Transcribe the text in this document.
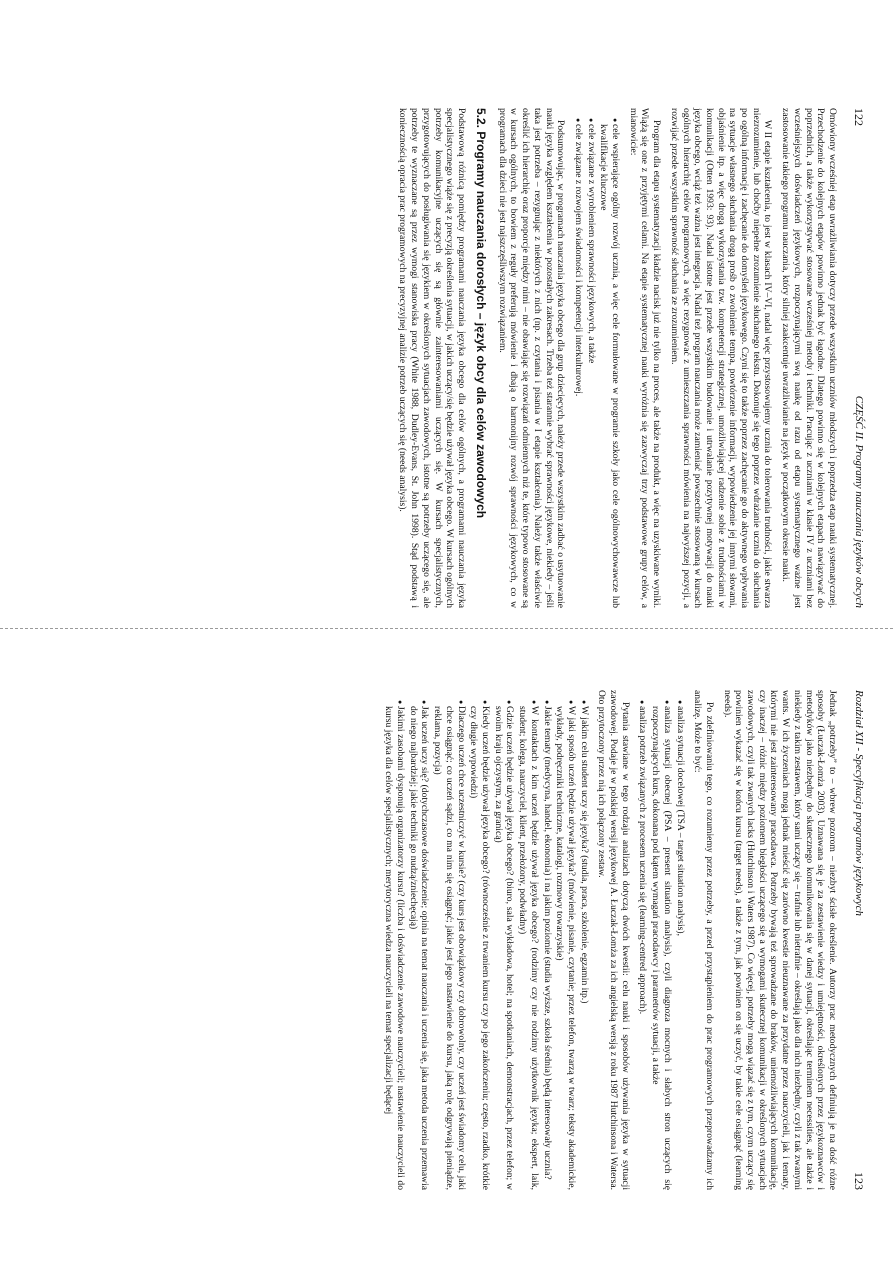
122
CZĘŚĆ II. Programy nauczania języków obcych

Omówiony wcześniej etap uwrażliwiania dotyczy przede wszystkim uczniów młodszych i poprzedza etap nauki systematycznej. Przechodzenie do kolejnych etapów powinno jednak być łagodne. Dlatego powinno się w kolejnych etapach nawiązywać do poprzednich, a także wykorzystywać stosowane wcześniej metody i techniki. Pracując z uczniami w klasie IV z uczniami bez wcześniejszych doświadczeń językowych, rozpoczynającymi swą naukę od razu od etapu systematycznego ważne jest zastosowanie takiego programu nauczania, który silniej zaakcentuje uwrażliwianie na język w początkowym okresie nauki.

W II etapie kształcenia, to jest w klasach IV–VI, nadal więc przystosowujemy ucznia do tolerowania trudności, jakie stwarza niezrozumienie, lub choćby niepełne zrozumienie słuchanego tekstu. Dokonuje się tego poprzez wdrażanie ucznia do słuchania po ogólną informację i zachęcanie do domyśleń językowego. Czyni się to także poprzez zachęcanie go do aktywnego wpływania na sytuacje własnego słuchania drogą prośb o zwolnienie tempa, powtórzenie informacji, wypowiedzenie jej innymi słowami, objaśnienie itp. a więc drogą wykorzystania tzw. kompetencji strategicznej, umożliwiającej radzenie sobie z trudnościami w komunikacji (Otten 1993: 93). Nadal istotne jest przede wszystkim budowanie i utrwalanie pozytywnej motywacji do nauki języka obcego, wciąż też ważna jest integracja. Nadal też program nauczania może zamieniać powszechnie stosowaną w kursach ogólnych hierarchię celów programowych, a więc rezygnować z umieszczania sprawności mówienia na najwyższej pozycji, a rozwijać przede wszystkim sprawność słuchania ze zrozumieniem.

Program dla etapu systematyzacji kładzie nacisk już nie tylko na proces, ale także na produkt, a więc na uzyskiwane wyniki. Wiążą się one z przyjętymi celami. Na etapie systematycznej nauki wyróżnia się zazwyczaj trzy podstawowe grupy celów, a mianowicie:

• cele wspierające ogólny rozwój ucznia, a więc cele formułowane w programie szkoły jako cele ogólnowychowawcze lub kwalifikacje kluczowe
• cele związane z wyrobieniem sprawności językowych, a także
• cele związane z rozwojem świadomości i kompetencji interkulturowej.

Podsumowując, w programach nauczania języka obcego dla grup dziecięcych, należy przede wszystkim zadbać o usytuowanie nauki języka względem kształcenia w pozostałych zakresach. Trzeba też starannie wybrać sprawności językowe, niekiedy – jeśli taka jest potrzeba – rezygnując z niektórych z nich (np. z czytania i pisania w I etapie kształcenia). Należy także właściwie określić ich hierarchię oraz proporcje między nimi – nie obawiając się rozwiązań odmiennych niż te, które typowo stosowane są w kursach ogólnych, to bowiem z reguły preferują mówienie i dbają o harmonijny rozwój sprawności językowych, co w programach dla dzieci nie jest najszczęśliwszym rozwiązaniem.

5.2. Programy nauczania dorosłych – język obcy dla celów zawodowych

Podstawową różnicą pomiędzy programami nauczania języka obcego dla celów ogólnych, a programami nauczania języka specjalistycznego wiąże się z precyzją określenia sytuacji, w jakich uczący/się będzie używał języka obcego. W kursach ogólnych potrzeby komunikacyjne uczących się są głównie zainteresowaniami uczących się. W kursach specjalistycznych, przygotowujących do posługiwania się językiem w określonych sytuacjach zawodowych, istotne są potrzeby uczącego się, ale potrzeby te wyznaczane są przez wymogi stanowiska pracy (White 1988, Dudley-Evans, St. John 1998). Stąd podstawą i koniecznością opracia prac programowych na precyzyjnej analizie potrzeb uczących się (needs analysis).

Rozdział XII - Specyfikacja programów językowych
123

Jednak „potrzeby” to – wbrew pozorom – niezbyt ścisłe określenie. Autorzy prac metodycznych definiują je na dość różne sposoby (Łuczak-Łomża 2003). Uznawana się je za zestawienie wiedzy i umiejętności, określonych przez językoznawców i metodyków jako niezbędny do skutecznego komunikowania się w danej sytuacji, określając terminem necessities, ale także i niekiedy z takim zestawem, który sami uczący się – trafnie lub nietrafnie – określają jako dla nich niezbędny, czyli z tak zwanymi wants. W ich życzeniach mogą jednak mieścić się zarówno kwestie nieuznawane za przydatne przez nauczycieli, jak i tematy, którymi nie jest zainteresowany pracodawca. Potrzeby bywają też sprowadzane do braków, uniemożliwiających komunikację, czy inaczej – różnic między poziomem biegłości uczącego się a wymogami skutecznej komunikacji w określonych sytuacjach zawodowych, czyli tak zwanych lacks (Hutchinson i Waters 1987). Co więcej, potrzeby mogą wiązać się z tym, czym uczący się powinien wykazać się w końcu kursu (target needs), a także z tym, jak powinien on się uczyć, by takie cele osiągnąć (learning needs).

Po zdefiniowaniu tego, co rozumiemy przez potrzeby, a przed przystąpieniem do prac programowych przeprowadzamy ich analizę. Może to być:

• analiza sytuacji docelowej (TSA – target situation analysis),
• analiza sytuacji obecnej (PSA – present situation analysis), czyli diagnoza mocnych i słabych stron uczących się rozpoczynających kurs, dokonana pod kątem wymagań pracodawcy i parametrów sytuacji, a także
• analiza potrzeb związanych z procesem uczenia się (learning-centred approach).

Pytania stawiane w tego rodzaju analizach dotyczą dwóch kwestii: celu nauki i sposobów używania języka w sytuacji zawodowej. Podaje je w polskiej wersji językowej A. Łuczak-Łomża za ich angielską wersją z roku 1987 Hutchinsona i Watersa. Oto przytoczony przez nią ich połączony zestaw.

• W jakim celu student uczy się języka? (studia, praca, szkolenie, egzamin itp.)
• W jaki sposób uczeń będzie używał języka? (mówienie, pisanie, czytanie; przez telefon, twarzą w twarz; teksty akademickie, wykłady, podręczniki techniczne, katalogi, rozmowy towarzyskie)
• Jakie tematy (medycyna, handel, ekonomia) i na jakim poziomie (studia wyższe, szkoła średnia) będą interesowały ucznia?
• W kontaktach z kim uczeń będzie używał języka obcego? (rodzimy czy nie rodzimy użytkownik języka; ekspert, laik, student; kolega, nauczyciel, klient, przełożony, podwładny)
• Gdzie uczeń będzie używał języka obcego? (biuro, sala wykładowa, hotel; na spotkaniach, demonstracjach, przez telefon; w swoim kraju ojczystym, za granicą)
• Kiedy uczeń będzie używał języka obcego? (równocześnie z trwaniem kursu czy po jego zakończeniu; często, rzadko, krótkie czy długie wypowiedzi)
• Dlaczego uczeń chce uczestniczyć w kursie? (czy kurs jest obowiązkowy czy dobrowolny, czy uczeń jest świadomy celu, jaki chce osiągnąć; co uczeń sądzi, co ma nim się osiągnąć; jakie jest jego nastawienie do kursu, jaką rolę odgrywają pieniądze, reklama, pozycja)
• Jak uczeń uczy się? (dotychczasowe doświadczenie; opinia na temat nauczania i uczenia się, jaka metoda uczenia przemawia do niego najbardziej; jakie techniki go nudzą/zniechęcają)
• Jakimi zasobami dysponują organizatorzy kursu? (liczba i doświadczenie zawodowe nauczycieli; nastawienie nauczycieli do kursu języka dla celów specjalistycznych; merytoryczna wiedza nauczycieli na temat specjalizacji będącej
